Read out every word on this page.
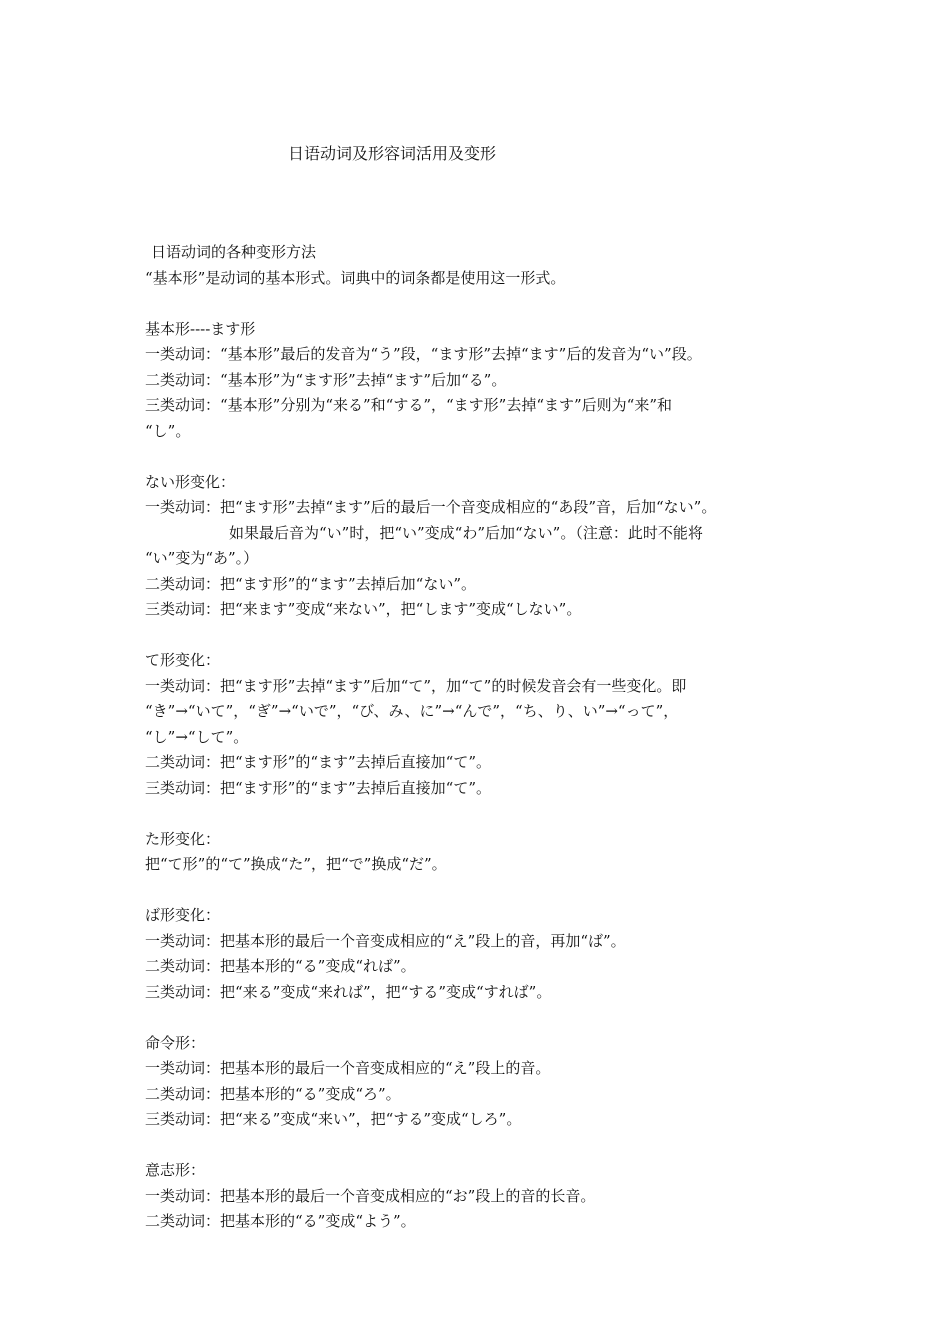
日语动词及形容词活用及变形

日语动词的各种变形方法

“基本形”是动词的基本形式。词典中的词条都是使用这一形式。

基本形----ます形

一类动词：“基本形”最后的发音为“う”段，“ます形”去掉“ます”后的发音为“い”段。

二类动词：“基本形”为“ます形”去掉“ます”后加“る”。

三类动词：“基本形”分别为“来る”和“する”，“ます形”去掉“ます”后则为“来”和

“し”。

ない形变化：

一类动词：把“ます形”去掉“ます”后的最后一个音变成相应的“あ段”音，后加“ない”。

如果最后音为“い”时，把“い”变成“わ”后加“ない”。（注意：此时不能将

“い”变为“あ”。）

二类动词：把“ます形”的“ます”去掉后加“ない”。

三类动词：把“来ます”变成“来ない”，把“します”变成“しない”。

て形变化：

一类动词：把“ます形”去掉“ます”后加“て”，加“て”的时候发音会有一些变化。即

“き”→“いて”，“ぎ”→“いで”，“び、み、に”→“んで”，“ち、り、い”→“って”，

“し”→“して”。

二类动词：把“ます形”的“ます”去掉后直接加“て”。

三类动词：把“ます形”的“ます”去掉后直接加“て”。

た形变化：

把“て形”的“て”换成“た”，把“で”换成“だ”。

ば形变化：

一类动词：把基本形的最后一个音变成相应的“え”段上的音，再加“ば”。

二类动词：把基本形的“る”变成“れば”。

三类动词：把“来る”变成“来れば”，把“する”变成“すれば”。

命令形：

一类动词：把基本形的最后一个音变成相应的“え”段上的音。

二类动词：把基本形的“る”变成“ろ”。

三类动词：把“来る”变成“来い”，把“する”变成“しろ”。

意志形：

一类动词：把基本形的最后一个音变成相应的“お”段上的音的长音。

二类动词：把基本形的“る”变成“よう”。
